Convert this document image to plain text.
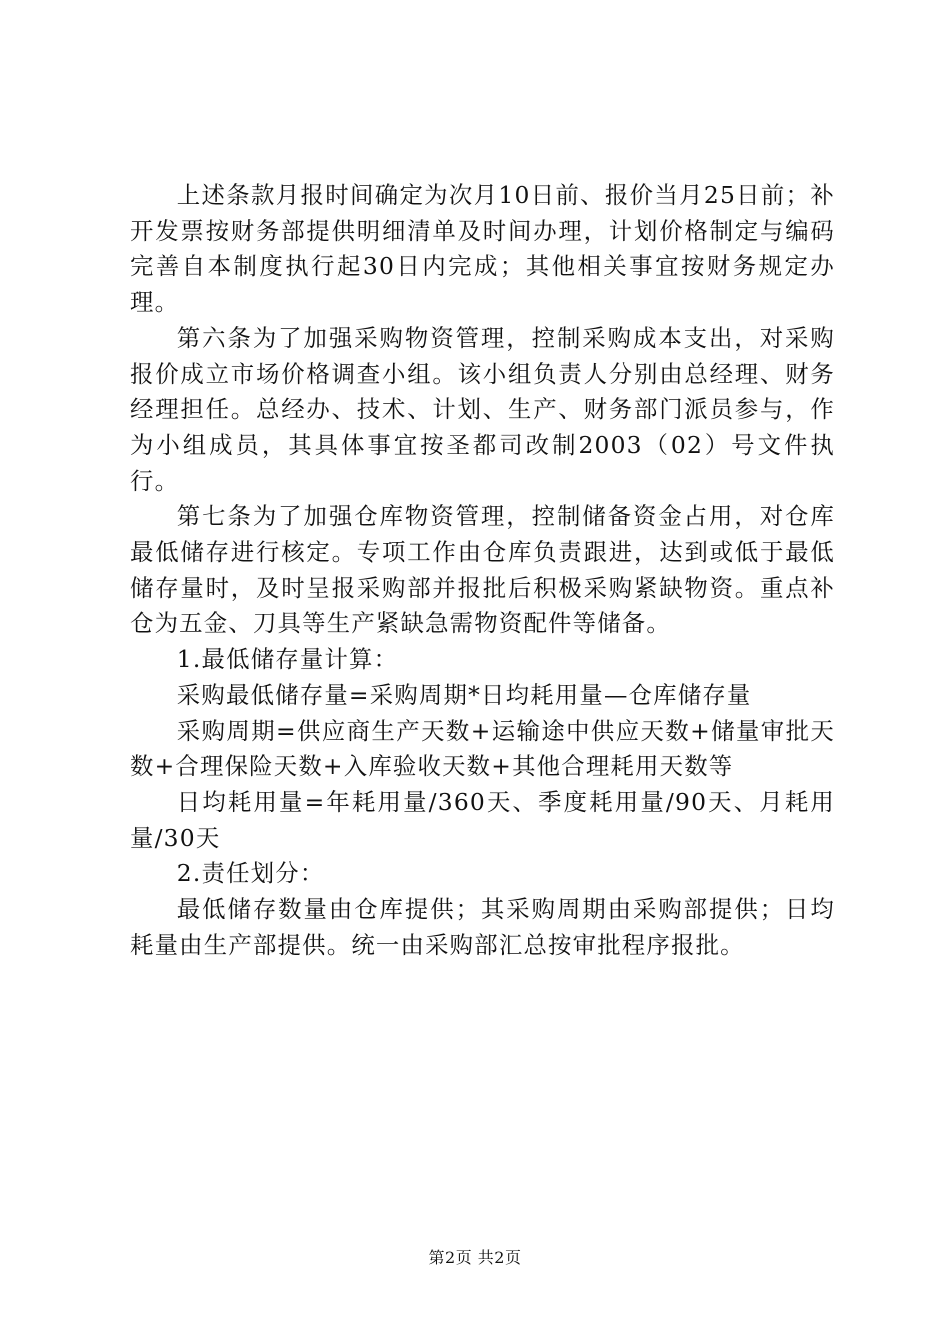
上述条款月报时间确定为次月10日前、报价当月25日前；补开发票按财务部提供明细清单及时间办理，计划价格制定与编码完善自本制度执行起30日内完成；其他相关事宜按财务规定办理。

第六条为了加强采购物资管理，控制采购成本支出，对采购报价成立市场价格调查小组。该小组负责人分别由总经理、财务经理担任。总经办、技术、计划、生产、财务部门派员参与，作为小组成员，其具体事宜按圣都司改制2003（02）号文件执行。

第七条为了加强仓库物资管理，控制储备资金占用，对仓库最低储存进行核定。专项工作由仓库负责跟进，达到或低于最低储存量时，及时呈报采购部并报批后积极采购紧缺物资。重点补仓为五金、刀具等生产紧缺急需物资配件等储备。

1.最低储存量计算：

采购最低储存量=采购周期*日均耗用量—仓库储存量

采购周期=供应商生产天数+运输途中供应天数+储量审批天数+合理保险天数+入库验收天数+其他合理耗用天数等

日均耗用量=年耗用量/360天、季度耗用量/90天、月耗用量/30天

2.责任划分：

最低储存数量由仓库提供；其采购周期由采购部提供；日均耗量由生产部提供。统一由采购部汇总按审批程序报批。

第2页 共2页
